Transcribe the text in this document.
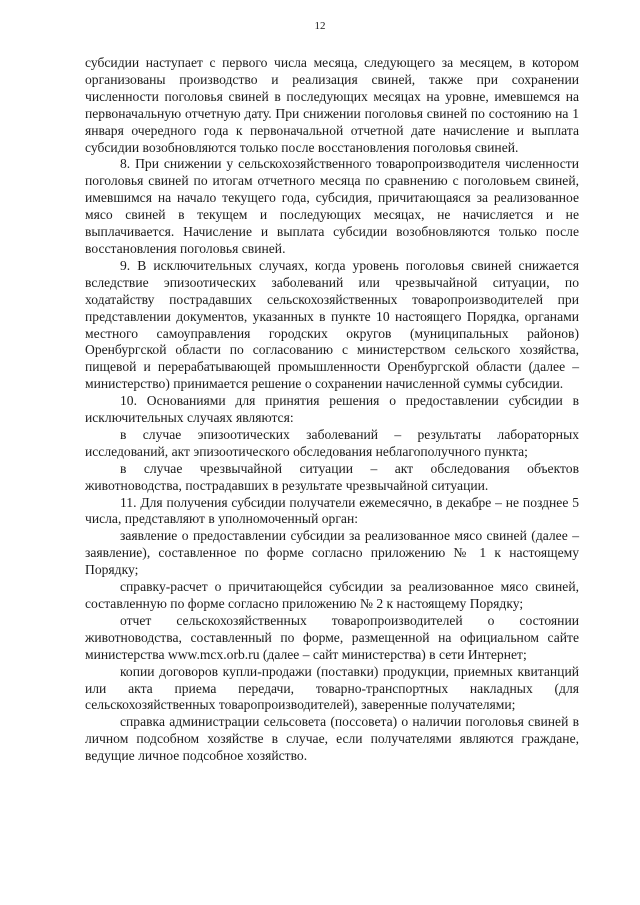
12

субсидии наступает с первого числа месяца, следующего за месяцем, в котором организованы производство и реализация свиней, также при сохранении численности поголовья свиней в последующих месяцах на уровне, имевшемся на первоначальную отчетную дату. При снижении поголовья свиней по состоянию на 1 января очередного года к первоначальной отчетной дате начисление и выплата субсидии возобновляются только после восстановления поголовья свиней.

8. При снижении у сельскохозяйственного товаропроизводителя численности поголовья свиней по итогам отчетного месяца по сравнению с поголовьем свиней, имевшимся на начало текущего года, субсидия, причитающаяся за реализованное мясо свиней в текущем и последующих месяцах, не начисляется и не выплачивается. Начисление и выплата субсидии возобновляются только после восстановления поголовья свиней.

9. В исключительных случаях, когда уровень поголовья свиней снижается вследствие эпизоотических заболеваний или чрезвычайной ситуации, по ходатайству пострадавших сельскохозяйственных товаропроизводителей при представлении документов, указанных в пункте 10 настоящего Порядка, органами местного самоуправления городских округов (муниципальных районов) Оренбургской области по согласованию с министерством сельского хозяйства, пищевой и перерабатывающей промышленности Оренбургской области (далее – министерство) принимается решение о сохранении начисленной суммы субсидии.

10. Основаниями для принятия решения о предоставлении субсидии в исключительных случаях являются:

в случае эпизоотических заболеваний – результаты лабораторных исследований, акт эпизоотического обследования неблагополучного пункта;

в случае чрезвычайной ситуации – акт обследования объектов животноводства, пострадавших в результате чрезвычайной ситуации.

11. Для получения субсидии получатели ежемесячно, в декабре – не позднее 5 числа, представляют в уполномоченный орган:

заявление о предоставлении субсидии за реализованное мясо свиней (далее – заявление), составленное по форме согласно приложению № 1 к настоящему Порядку;

справку-расчет о причитающейся субсидии за реализованное мясо свиней, составленную по форме согласно приложению № 2 к настоящему Порядку;

отчет сельскохозяйственных товаропроизводителей о состоянии животноводства, составленный по форме, размещенной на официальном сайте министерства www.mcx.orb.ru (далее – сайт министерства) в сети Интернет;

копии договоров купли-продажи (поставки) продукции, приемных квитанций или акта приема передачи, товарно-транспортных накладных (для сельскохозяйственных товаропроизводителей), заверенные получателями;

справка администрации сельсовета (поссовета) о наличии поголовья свиней в личном подсобном хозяйстве в случае, если получателями являются граждане, ведущие личное подсобное хозяйство.
